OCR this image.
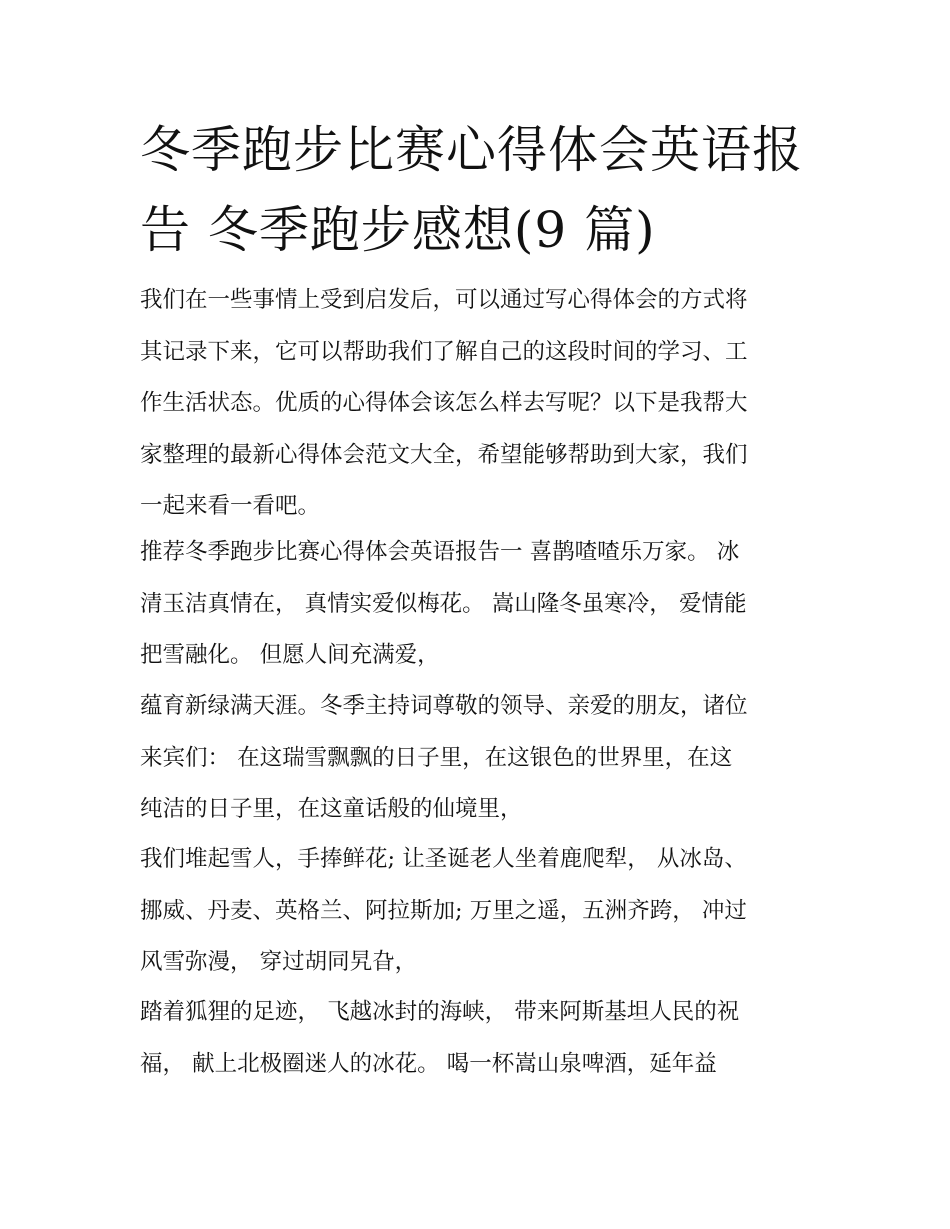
冬季跑步比赛心得体会英语报
告 冬季跑步感想(9 篇)

我们在一些事情上受到启发后，可以通过写心得体会的方式将
其记录下来，它可以帮助我们了解自己的这段时间的学习、工
作生活状态。优质的心得体会该怎么样去写呢？以下是我帮大
家整理的最新心得体会范文大全，希望能够帮助到大家，我们
一起来看一看吧。

推荐冬季跑步比赛心得体会英语报告一 喜鹊喳喳乐万家。 冰
清玉洁真情在， 真情实爱似梅花。 嵩山隆冬虽寒冷， 爱情能
把雪融化。 但愿人间充满爱，

蕴育新绿满天涯。冬季主持词尊敬的领导、亲爱的朋友，诸位
来宾们： 在这瑞雪飘飘的日子里，在这银色的世界里，在这
纯洁的日子里，在这童话般的仙境里，

我们堆起雪人，手捧鲜花; 让圣诞老人坐着鹿爬犁， 从冰岛、
挪威、丹麦、英格兰、阿拉斯加; 万里之遥，五洲齐跨， 冲过
风雪弥漫， 穿过胡同旯旮，

踏着狐狸的足迹， 飞越冰封的海峡， 带来阿斯基坦人民的祝
福， 献上北极圈迷人的冰花。 喝一杯嵩山泉啤酒，延年益
